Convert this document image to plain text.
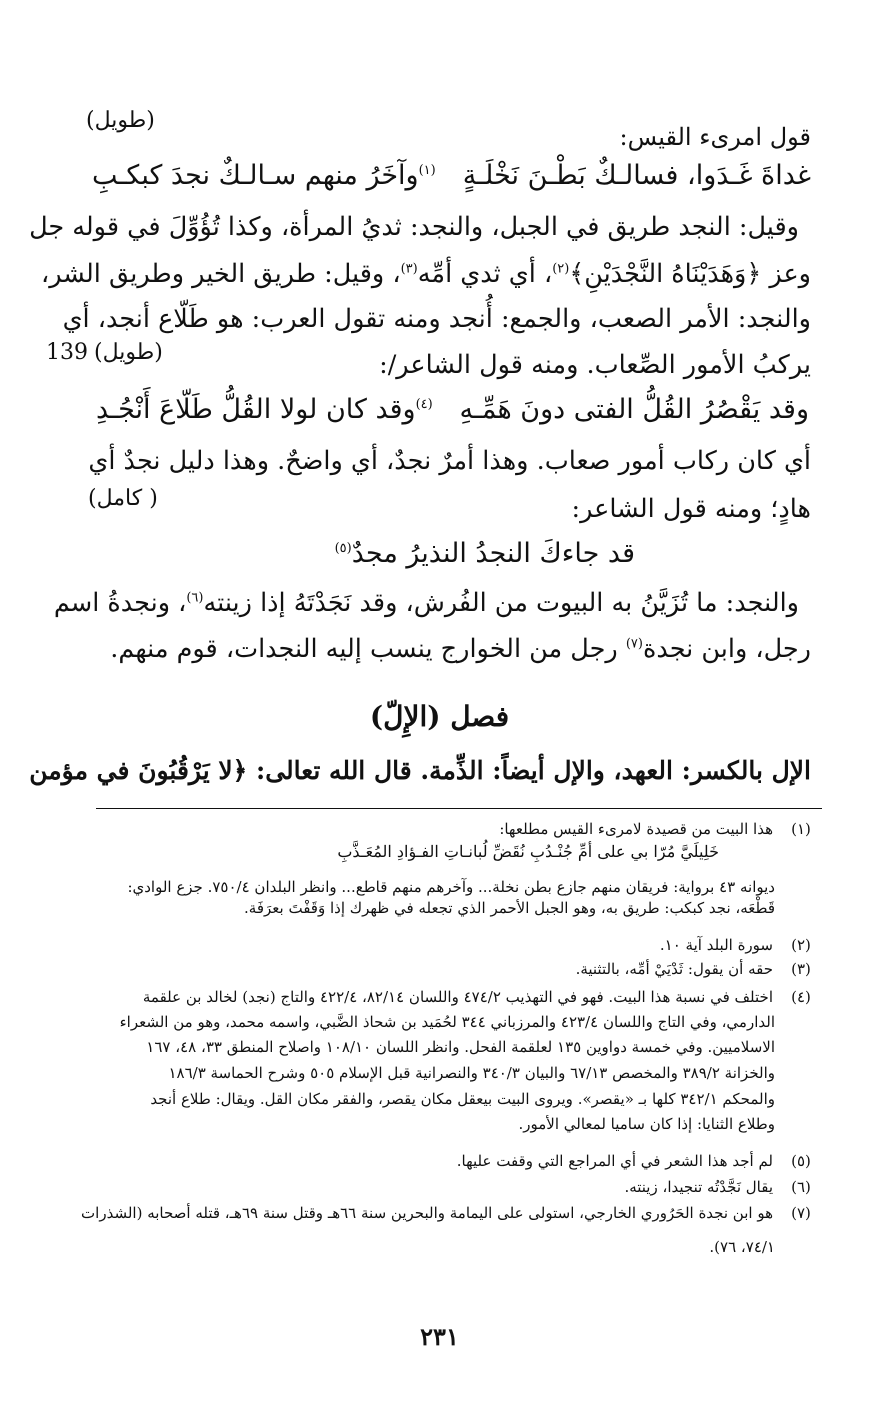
(طويل)
139 (طويل)
( كامل)
قول امرىء القيس:
غداةَ غَـدَوا، فسالـكٌ بَطْـنَ نَخْلَـةٍ
$^{(١)}$وآخَرُ منهم سـالـكٌ نجدَ كبكـبِ
وقيل: النجد طريق في الجبل، والنجد: ثديُ المرأة، وكذا تُؤُوِّلَ في قوله جل
وعز ﴿وَهَدَيْنَاهُ النَّجْدَيْنِ﴾$^{(٢)}$، أي ثدي أمِّه$^{(٣)}$، وقيل: طريق الخير وطريق الشر،
والنجد: الأمر الصعب، والجمع: أُنجد ومنه تقول العرب: هو طَلّاع أنجد، أي
يركبُ الأمور الصِّعاب. ومنه قول الشاعر/:
وقد يَقْصُرُ القُلُّ الفتى دونَ هَمِّـهِ
$^{(٤)}$وقد كان لولا القُلُّ طَلّاعَ أَنْجُـدِ
أي كان ركاب أمور صعاب. وهذا أمرٌ نجدٌ، أي واضحٌ. وهذا دليل نجدٌ أي
هادٍ؛ ومنه قول الشاعر:
قد جاءكَ النجدُ النذيرُ مجدٌ$^{(٥)}$
والنجد: ما تُزَيَّنُ به البيوت من الفُرش، وقد نَجَدْتَهُ إذا زينته$^{(٦)}$، ونجدةُ اسم
رجل، وابن نجدة$^{(٧)}$ رجل من الخوارج ينسب إليه النجدات، قوم منهم.
فصل (الإِلّ)
الإل بالكسر: العهد، والإل أيضاً: الذِّمة. قال الله تعالى: ﴿لا يَرْقُبُونَ في مؤمن
(١)
هذا البيت من قصيدة لامرىء القيس مطلعها:
خَلِيلَيَّ مُرّا بي على أمِّ جُنْـدُبِ نُقَضِّ لُبانـاتِ الفـؤادِ المُعَـذَّبِ
ديوانه ٤٣ برواية: فريقان منهم جازع بطن نخلة... وآخرهم منهم قاطع... وانظر البلدان ٧٥٠/٤. جزع الوادي:
قَطْعَه، نجد كبكب: طريق به، وهو الجبل الأحمر الذي تجعله في ظهرك إذا وَقَفْتَ بعرَفَة.
(٢)
سورة البلد آية ١٠.
(٣)
حقه أن يقول: ثَدْيَيْ أمِّه، بالتثنية.
(٤)
اختلف في نسبة هذا البيت. فهو في التهذيب ٤٧٤/٢ واللسان ٨٢/١٤، ٤٢٢/٤ والتاج (نجد) لخالد بن علقمة
الدارمي، وفي التاج واللسان ٤٢٣/٤ والمرزباني ٣٤٤ لحُمَيد بن شحاذ الضَّبي، واسمه محمد، وهو من الشعراء
الاسلاميين. وفي خمسة دواوين ١٣٥ لعلقمة الفحل. وانظر اللسان ١٠٨/١٠ واصلاح المنطق ٣٣، ٤٨، ١٦٧
والخزانة ٣٨٩/٢ والمخصص ٦٧/١٣ والبيان ٣٤٠/٣ والنصرانية قبل الإسلام ٥٠٥ وشرح الحماسة ١٨٦/٣
والمحكم ٣٤٢/١ كلها بـ «يقصر». ويروى البيت بيعقل مكان يقصر، والفقر مكان القل. ويقال: طلاع أنجد
وطلاع الثنايا: إذا كان ساميا لمعالي الأمور.
(٥)
لم أجد هذا الشعر في أي المراجع التي وقفت عليها.
(٦)
يقال نَجَّدْتُه تنجيدا، زينته.
(٧)
هو ابن نجدة الحَرُوري الخارجي، استولى على اليمامة والبحرين سنة ٦٦هـ وقتل سنة ٦٩هـ، قتله أصحابه (الشذرات
٧٤/١، ٧٦).
٢٣١
